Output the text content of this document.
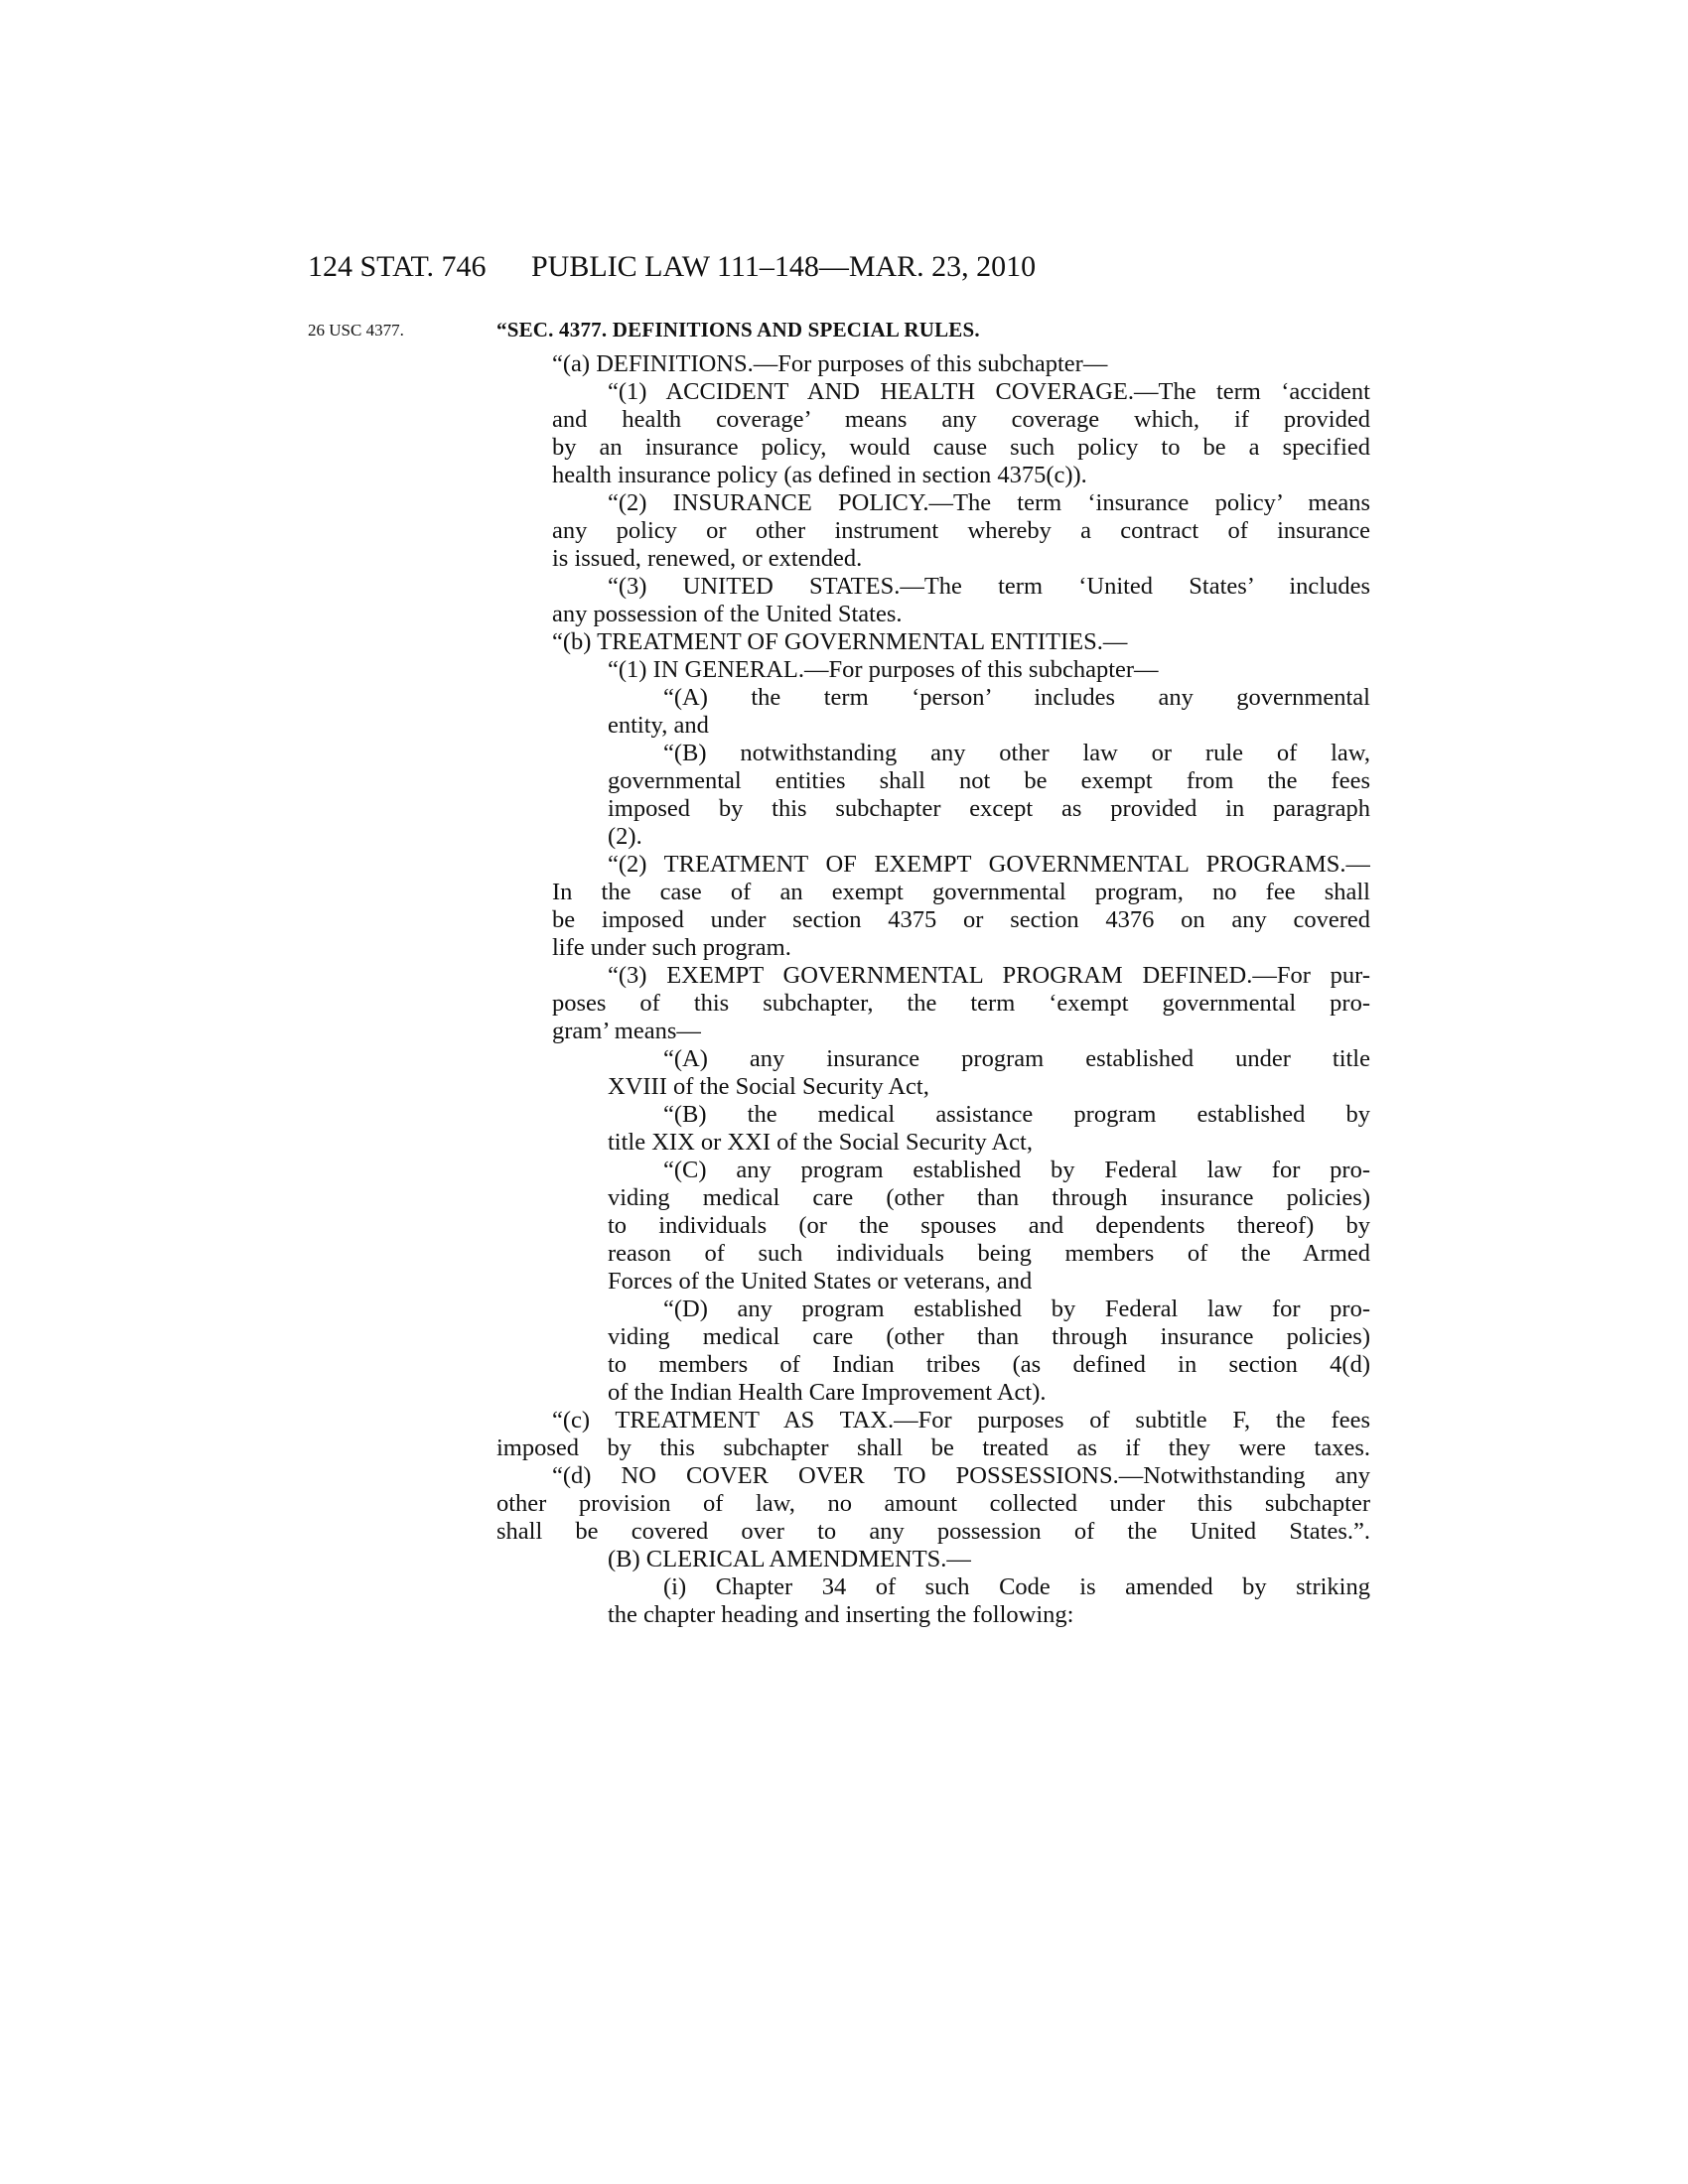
124 STAT. 746 PUBLIC LAW 111–148—MAR. 23, 2010
26 USC 4377.	“SEC. 4377. DEFINITIONS AND SPECIAL RULES.
“(a) DEFINITIONS.—For purposes of this subchapter—
“(1) ACCIDENT AND HEALTH COVERAGE.—The term ‘accident
and health coverage’ means any coverage which, if provided
by an insurance policy, would cause such policy to be a specified
health insurance policy (as defined in section 4375(c)).
“(2) INSURANCE POLICY.—The term ‘insurance policy’ means
any policy or other instrument whereby a contract of insurance
is issued, renewed, or extended.
“(3) UNITED STATES.—The term ‘United States’ includes
any possession of the United States.
“(b) TREATMENT OF GOVERNMENTAL ENTITIES.—
“(1) IN GENERAL.—For purposes of this subchapter—
“(A) the term ‘person’ includes any governmental
entity, and
“(B) notwithstanding any other law or rule of law,
governmental entities shall not be exempt from the fees
imposed by this subchapter except as provided in paragraph
(2).
“(2) TREATMENT OF EXEMPT GOVERNMENTAL PROGRAMS.—
In the case of an exempt governmental program, no fee shall
be imposed under section 4375 or section 4376 on any covered
life under such program.
“(3) EXEMPT GOVERNMENTAL PROGRAM DEFINED.—For pur-
poses of this subchapter, the term ‘exempt governmental pro-
gram’ means—
“(A) any insurance program established under title
XVIII of the Social Security Act,
“(B) the medical assistance program established by
title XIX or XXI of the Social Security Act,
“(C) any program established by Federal law for pro-
viding medical care (other than through insurance policies)
to individuals (or the spouses and dependents thereof) by
reason of such individuals being members of the Armed
Forces of the United States or veterans, and
“(D) any program established by Federal law for pro-
viding medical care (other than through insurance policies)
to members of Indian tribes (as defined in section 4(d)
of the Indian Health Care Improvement Act).
“(c) TREATMENT AS TAX.—For purposes of subtitle F, the fees
imposed by this subchapter shall be treated as if they were taxes.
“(d) NO COVER OVER TO POSSESSIONS.—Notwithstanding any
other provision of law, no amount collected under this subchapter
shall be covered over to any possession of the United States.”.
(B) CLERICAL AMENDMENTS.—
(i) Chapter 34 of such Code is amended by striking
the chapter heading and inserting the following:
